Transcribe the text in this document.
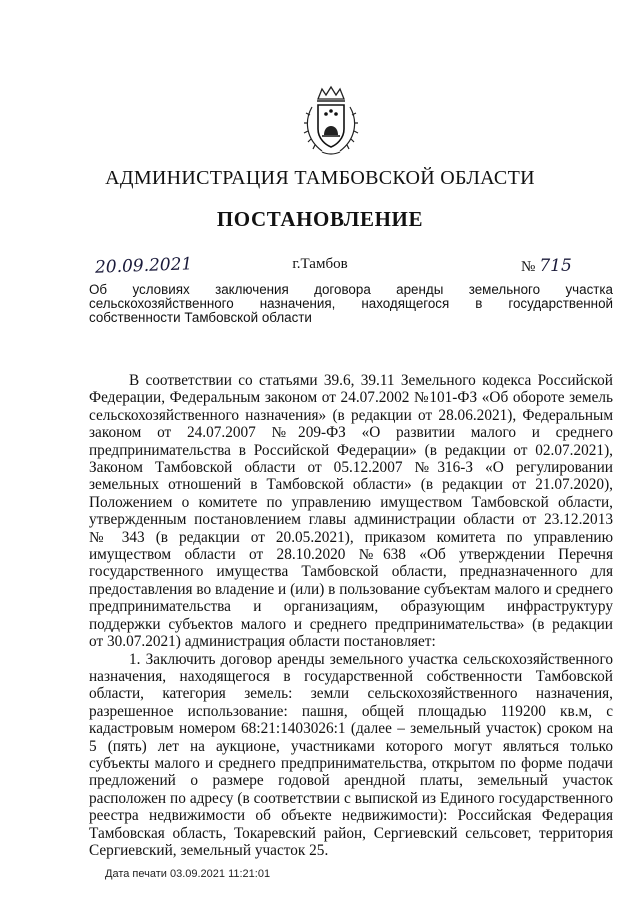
АДМИНИСТРАЦИЯ ТАМБОВСКОЙ ОБЛАСТИ
ПОСТАНОВЛЕНИЕ
20.09.2021	г.Тамбов	№ 715
Об условиях заключения договора аренды земельного участка
сельскохозяйственного назначения, находящегося в государственной
собственности Тамбовской области

В соответствии со статьями 39.6, 39.11 Земельного кодекса Российской
Федерации, Федеральным законом от 24.07.2002 №101-ФЗ «Об обороте земель
сельскохозяйственного назначения» (в редакции от 28.06.2021), Федеральным
законом от 24.07.2007 №209-ФЗ «О развитии малого и среднего
предпринимательства в Российской Федерации» (в редакции от 02.07.2021),
Законом Тамбовской области от 05.12.2007 №316-З «О регулировании
земельных отношений в Тамбовской области» (в редакции от 21.07.2020),
Положением о комитете по управлению имуществом Тамбовской области,
утвержденным постановлением главы администрации области от 23.12.2013
№ 343 (в редакции от 20.05.2021), приказом комитета по управлению
имуществом области от 28.10.2020 №638 «Об утверждении Перечня
государственного имущества Тамбовской области, предназначенного для
предоставления во владение и (или) в пользование субъектам малого и среднего
предпринимательства и организациям, образующим инфраструктуру
поддержки субъектов малого и среднего предпринимательства» (в редакции
от 30.07.2021) администрация области постановляет:

1. Заключить договор аренды земельного участка сельскохозяйственного
назначения, находящегося в государственной собственности Тамбовской
области, категория земель: земли сельскохозяйственного назначения,
разрешенное использование: пашня, общей площадью 119200 кв.м, с
кадастровым номером 68:21:1403026:1 (далее – земельный участок) сроком на
5 (пять) лет на аукционе, участниками которого могут являться только
субъекты малого и среднего предпринимательства, открытом по форме подачи
предложений о размере годовой арендной платы, земельный участок
расположен по адресу (в соответствии с выпиской из Единого государственного
реестра недвижимости об объекте недвижимости): Российская Федерация
Тамбовская область, Токаревский район, Сергиевский сельсовет, территория
Сергиевский, земельный участок 25.

Дата печати 03.09.2021 11:21:01
